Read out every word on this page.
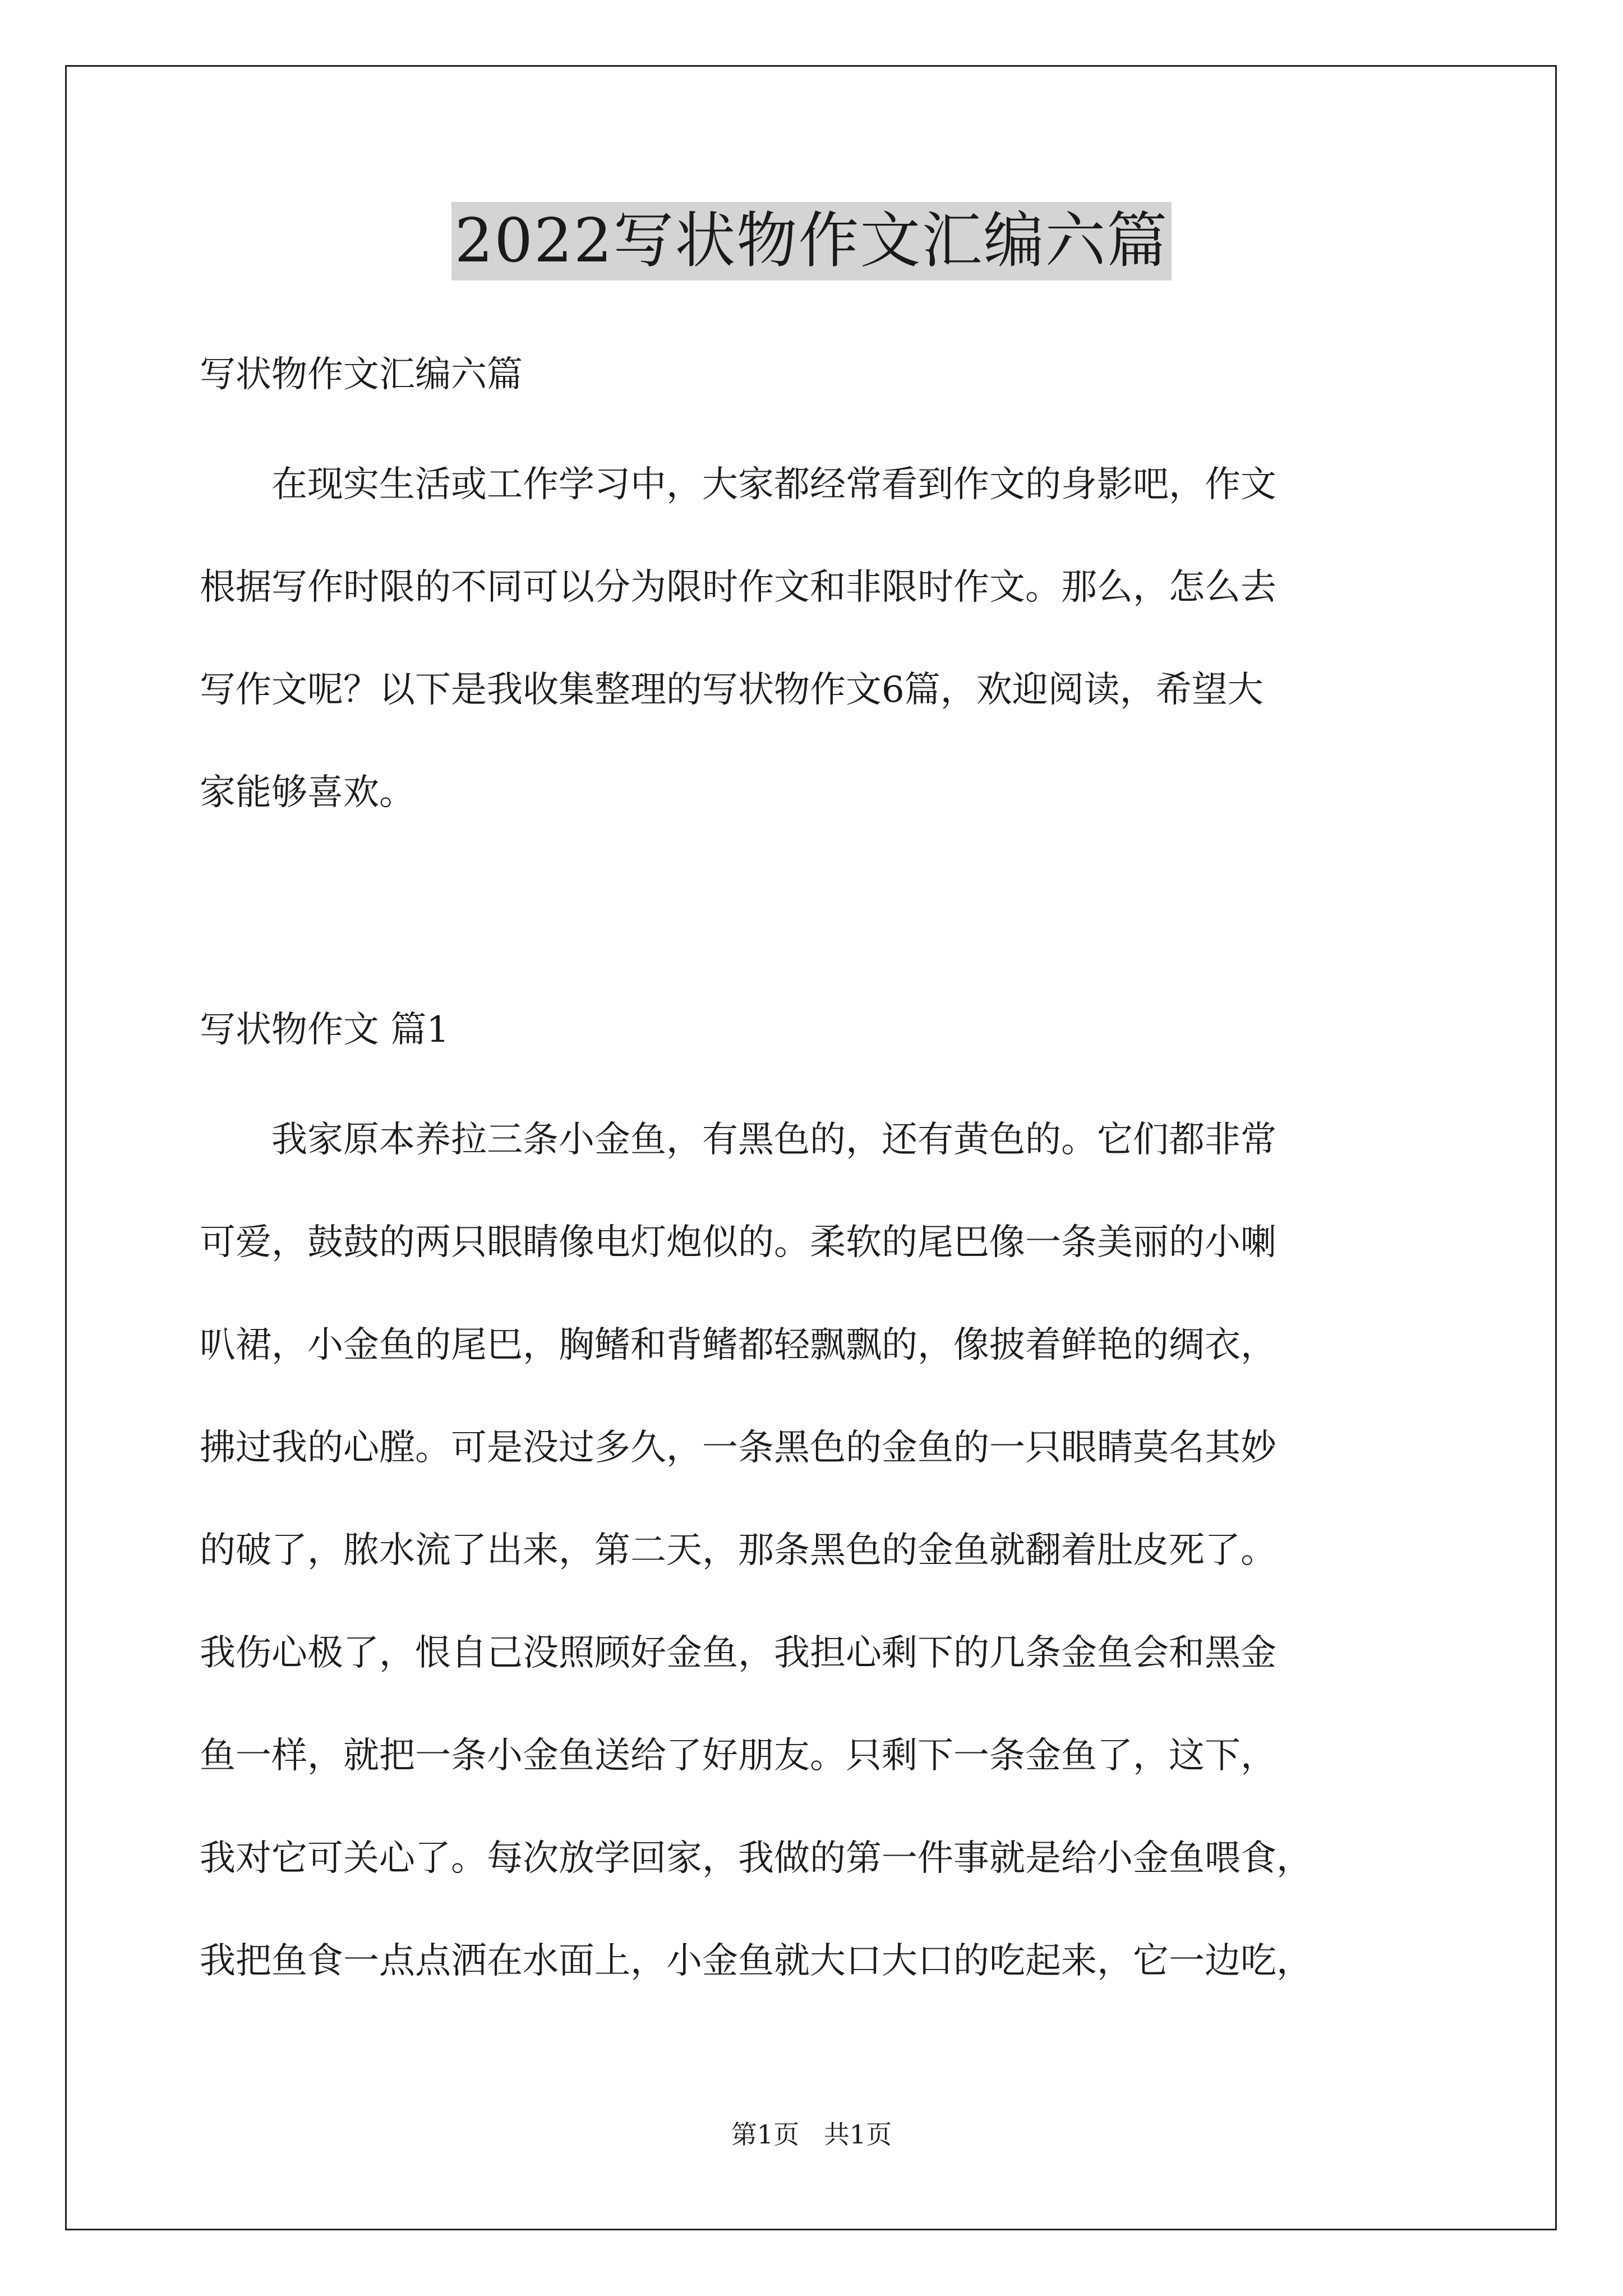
2022写状物作文汇编六篇
写状物作文汇编六篇
　　在现实生活或工作学习中，大家都经常看到作文的身影吧，作文
根据写作时限的不同可以分为限时作文和非限时作文。那么，怎么去
写作文呢？以下是我收集整理的写状物作文6篇，欢迎阅读，希望大
家能够喜欢。
写状物作文 篇1
　　我家原本养拉三条小金鱼，有黑色的，还有黄色的。它们都非常
可爱，鼓鼓的两只眼睛像电灯炮似的。柔软的尾巴像一条美丽的小喇
叭裙，小金鱼的尾巴，胸鳍和背鳍都轻飘飘的，像披着鲜艳的绸衣，
拂过我的心膛。可是没过多久，一条黑色的金鱼的一只眼睛莫名其妙
的破了，脓水流了出来，第二天，那条黑色的金鱼就翻着肚皮死了。
我伤心极了，恨自己没照顾好金鱼，我担心剩下的几条金鱼会和黑金
鱼一样，就把一条小金鱼送给了好朋友。只剩下一条金鱼了，这下，
我对它可关心了。每次放学回家，我做的第一件事就是给小金鱼喂食，
我把鱼食一点点洒在水面上，小金鱼就大口大口的吃起来，它一边吃，
第1页   共1页
